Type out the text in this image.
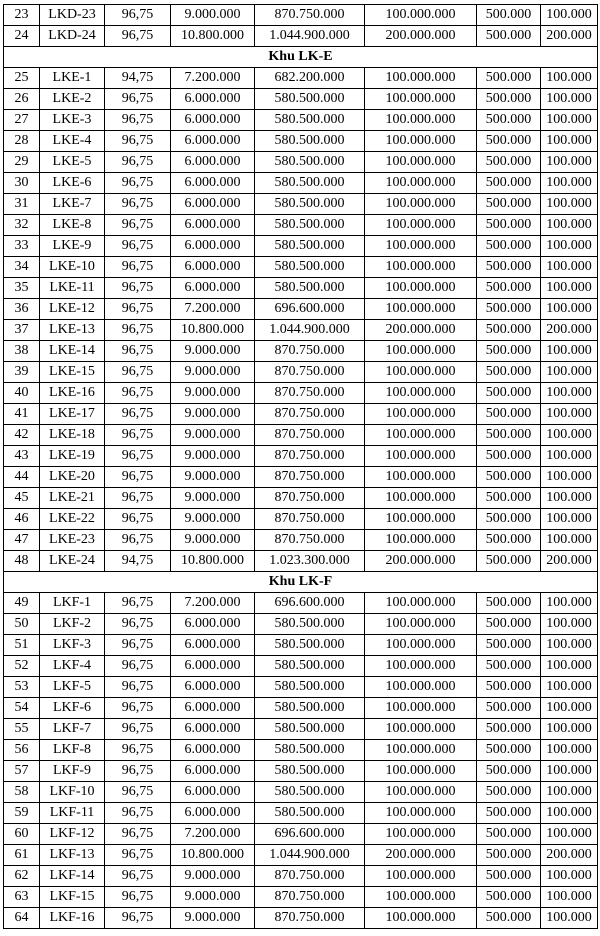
23	LKD-23	96,75	9.000.000	870.750.000	100.000.000	500.000	100.000
24	LKD-24	96,75	10.800.000	1.044.900.000	200.000.000	500.000	200.000
Khu LK-E							
25	LKE-1	94,75	7.200.000	682.200.000	100.000.000	500.000	100.000
26	LKE-2	96,75	6.000.000	580.500.000	100.000.000	500.000	100.000
27	LKE-3	96,75	6.000.000	580.500.000	100.000.000	500.000	100.000
28	LKE-4	96,75	6.000.000	580.500.000	100.000.000	500.000	100.000
29	LKE-5	96,75	6.000.000	580.500.000	100.000.000	500.000	100.000
30	LKE-6	96,75	6.000.000	580.500.000	100.000.000	500.000	100.000
31	LKE-7	96,75	6.000.000	580.500.000	100.000.000	500.000	100.000
32	LKE-8	96,75	6.000.000	580.500.000	100.000.000	500.000	100.000
33	LKE-9	96,75	6.000.000	580.500.000	100.000.000	500.000	100.000
34	LKE-10	96,75	6.000.000	580.500.000	100.000.000	500.000	100.000
35	LKE-11	96,75	6.000.000	580.500.000	100.000.000	500.000	100.000
36	LKE-12	96,75	7.200.000	696.600.000	100.000.000	500.000	100.000
37	LKE-13	96,75	10.800.000	1.044.900.000	200.000.000	500.000	200.000
38	LKE-14	96,75	9.000.000	870.750.000	100.000.000	500.000	100.000
39	LKE-15	96,75	9.000.000	870.750.000	100.000.000	500.000	100.000
40	LKE-16	96,75	9.000.000	870.750.000	100.000.000	500.000	100.000
41	LKE-17	96,75	9.000.000	870.750.000	100.000.000	500.000	100.000
42	LKE-18	96,75	9.000.000	870.750.000	100.000.000	500.000	100.000
43	LKE-19	96,75	9.000.000	870.750.000	100.000.000	500.000	100.000
44	LKE-20	96,75	9.000.000	870.750.000	100.000.000	500.000	100.000
45	LKE-21	96,75	9.000.000	870.750.000	100.000.000	500.000	100.000
46	LKE-22	96,75	9.000.000	870.750.000	100.000.000	500.000	100.000
47	LKE-23	96,75	9.000.000	870.750.000	100.000.000	500.000	100.000
48	LKE-24	94,75	10.800.000	1.023.300.000	200.000.000	500.000	200.000
Khu LK-F							
49	LKF-1	96,75	7.200.000	696.600.000	100.000.000	500.000	100.000
50	LKF-2	96,75	6.000.000	580.500.000	100.000.000	500.000	100.000
51	LKF-3	96,75	6.000.000	580.500.000	100.000.000	500.000	100.000
52	LKF-4	96,75	6.000.000	580.500.000	100.000.000	500.000	100.000
53	LKF-5	96,75	6.000.000	580.500.000	100.000.000	500.000	100.000
54	LKF-6	96,75	6.000.000	580.500.000	100.000.000	500.000	100.000
55	LKF-7	96,75	6.000.000	580.500.000	100.000.000	500.000	100.000
56	LKF-8	96,75	6.000.000	580.500.000	100.000.000	500.000	100.000
57	LKF-9	96,75	6.000.000	580.500.000	100.000.000	500.000	100.000
58	LKF-10	96,75	6.000.000	580.500.000	100.000.000	500.000	100.000
59	LKF-11	96,75	6.000.000	580.500.000	100.000.000	500.000	100.000
60	LKF-12	96,75	7.200.000	696.600.000	100.000.000	500.000	100.000
61	LKF-13	96,75	10.800.000	1.044.900.000	200.000.000	500.000	200.000
62	LKF-14	96,75	9.000.000	870.750.000	100.000.000	500.000	100.000
63	LKF-15	96,75	9.000.000	870.750.000	100.000.000	500.000	100.000
64	LKF-16	96,75	9.000.000	870.750.000	100.000.000	500.000	100.000
